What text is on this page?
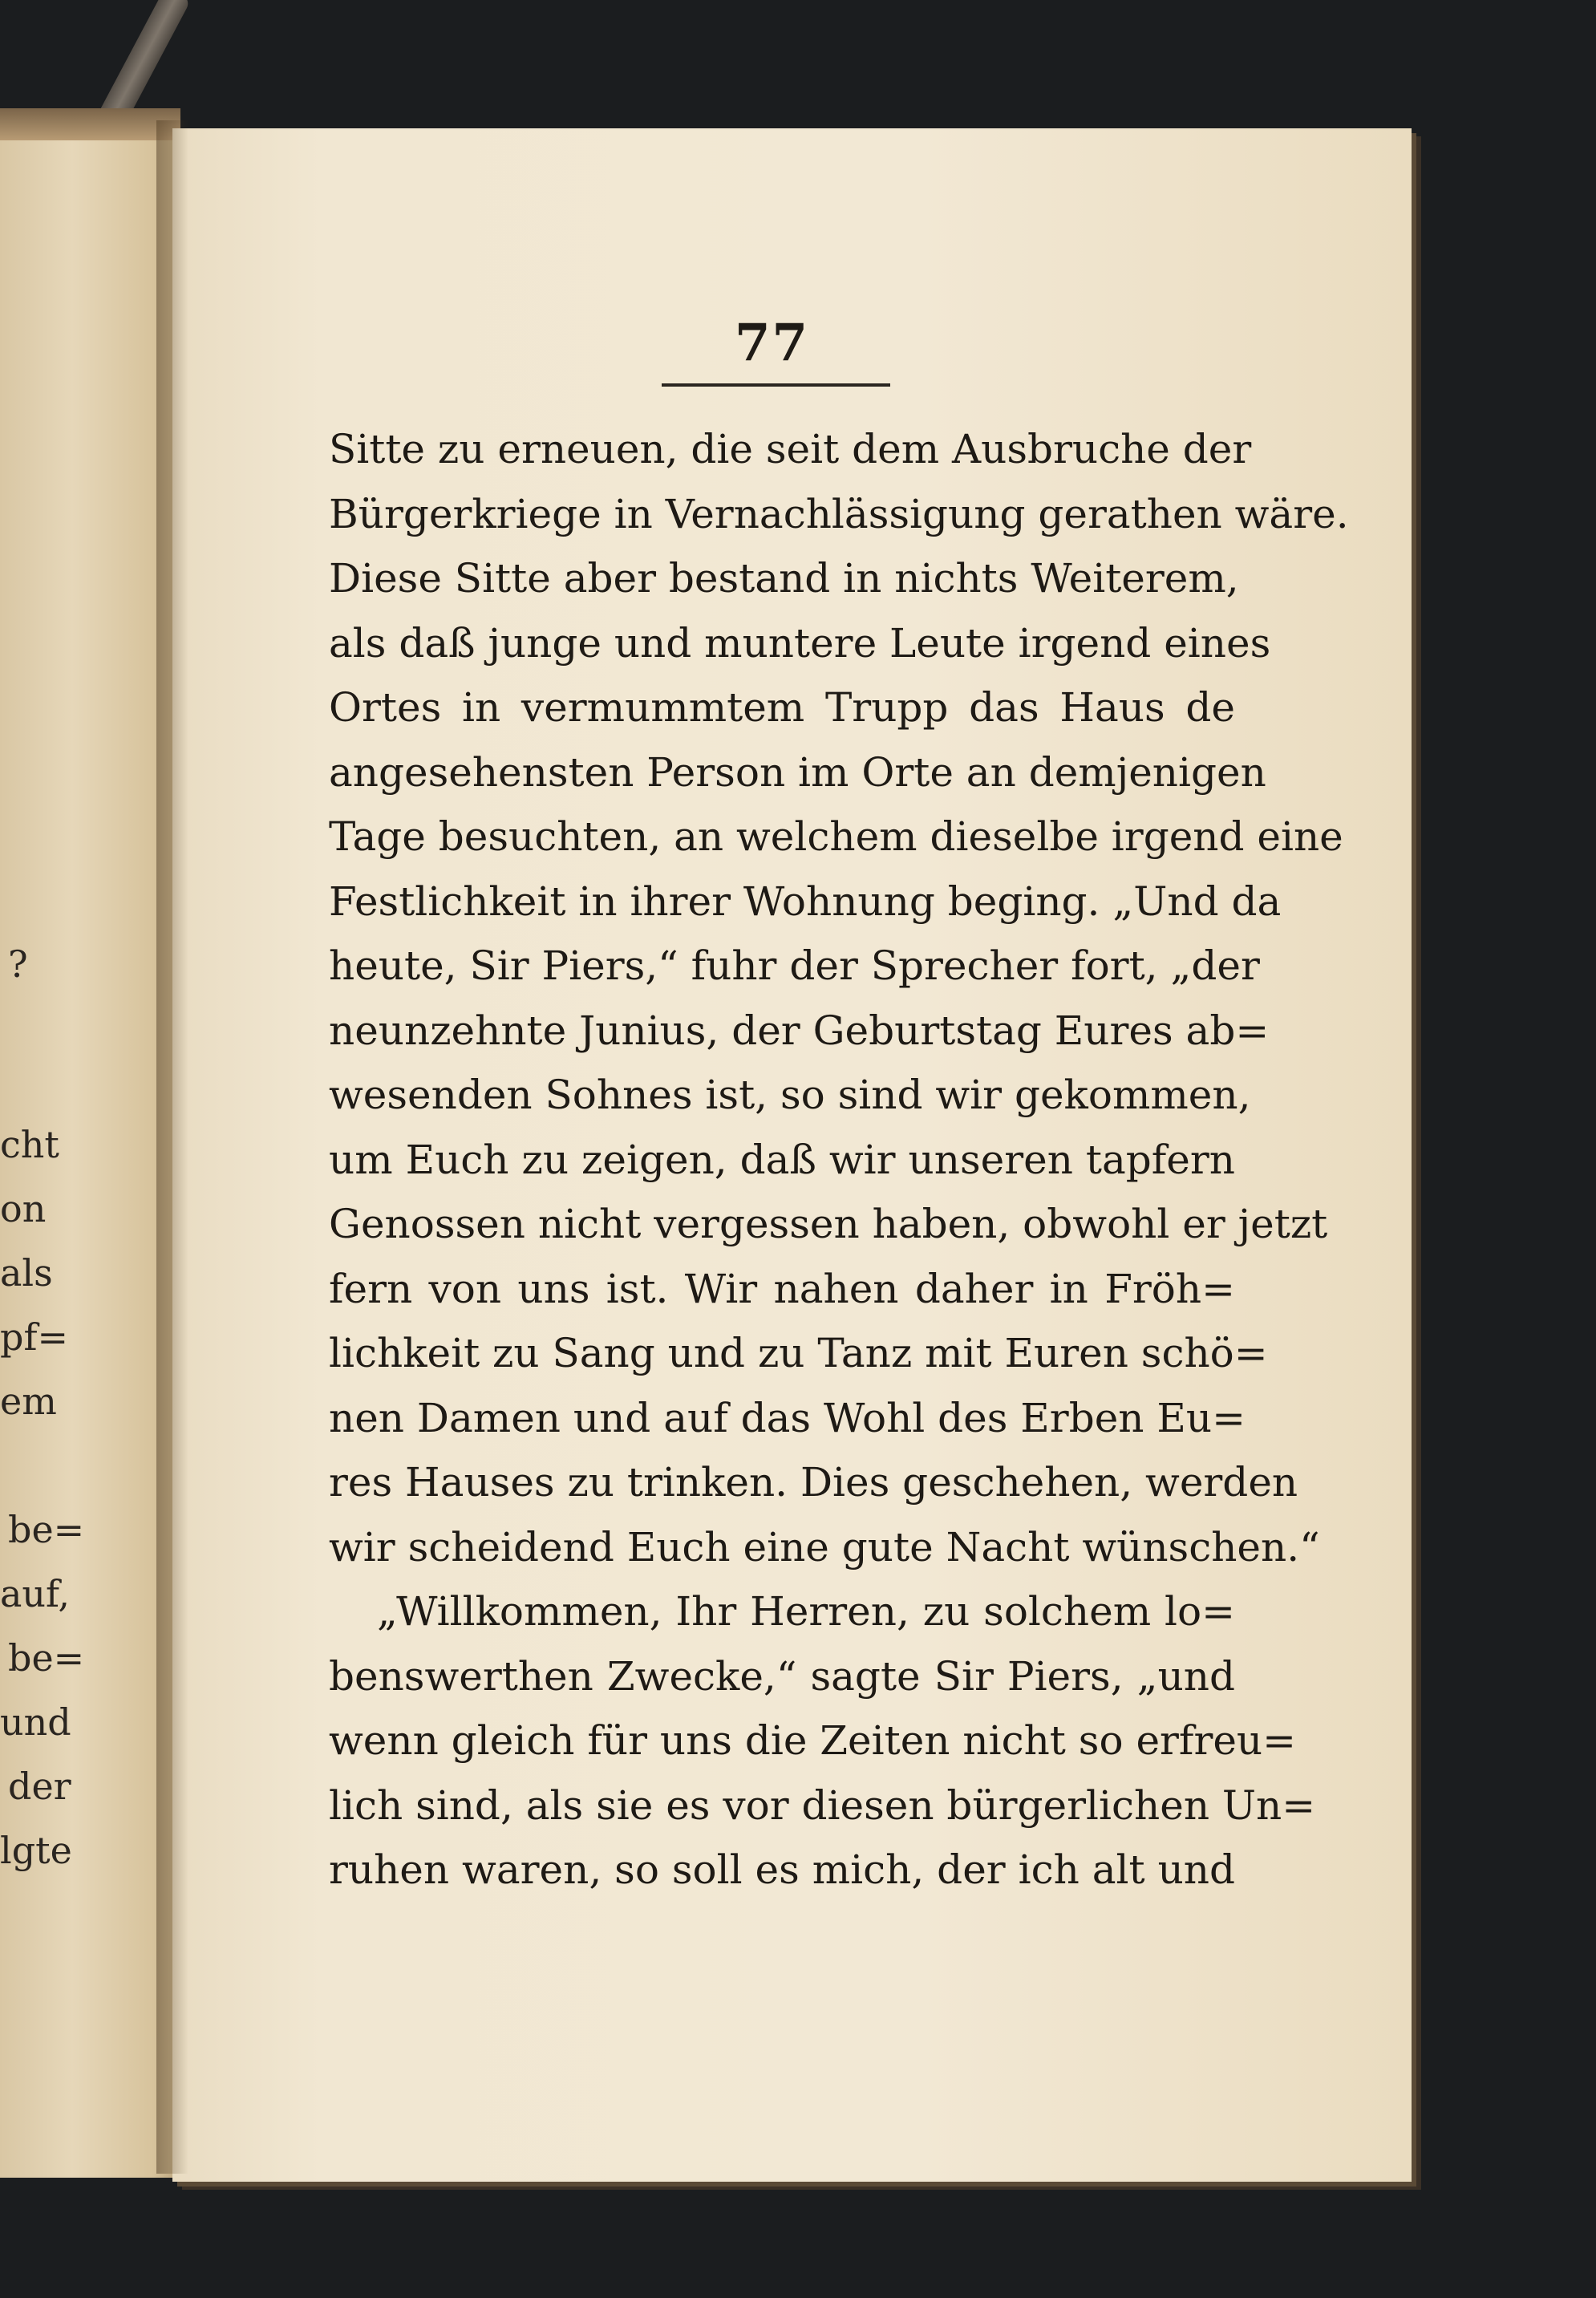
?
cht
on
als
pf=
em
be=
auf,
be=
und
der
lgte
77
Sitte zu erneuen, die seit dem Ausbruche der
Bürgerkriege in Vernachlässigung gerathen wäre.
Diese Sitte aber bestand in nichts Weiterem,
als daß junge und muntere Leute irgend eines
Ortes in vermummtem Trupp das Haus de
angesehensten Person im Orte an demjenigen
Tage besuchten, an welchem dieselbe irgend eine
Festlichkeit in ihrer Wohnung beging. „Und da
heute, Sir Piers,“ fuhr der Sprecher fort, „der
neunzehnte Junius, der Geburtstag Eures ab=
wesenden Sohnes ist, so sind wir gekommen,
um Euch zu zeigen, daß wir unseren tapfern
Genossen nicht vergessen haben, obwohl er jetzt
fern von uns ist. Wir nahen daher in Fröh=
lichkeit zu Sang und zu Tanz mit Euren schö=
nen Damen und auf das Wohl des Erben Eu=
res Hauses zu trinken. Dies geschehen, werden
wir scheidend Euch eine gute Nacht wünschen.“
„Willkommen, Ihr Herren, zu solchem lo=
benswerthen Zwecke,“ sagte Sir Piers, „und
wenn gleich für uns die Zeiten nicht so erfreu=
lich sind, als sie es vor diesen bürgerlichen Un=
ruhen waren, so soll es mich, der ich alt und
